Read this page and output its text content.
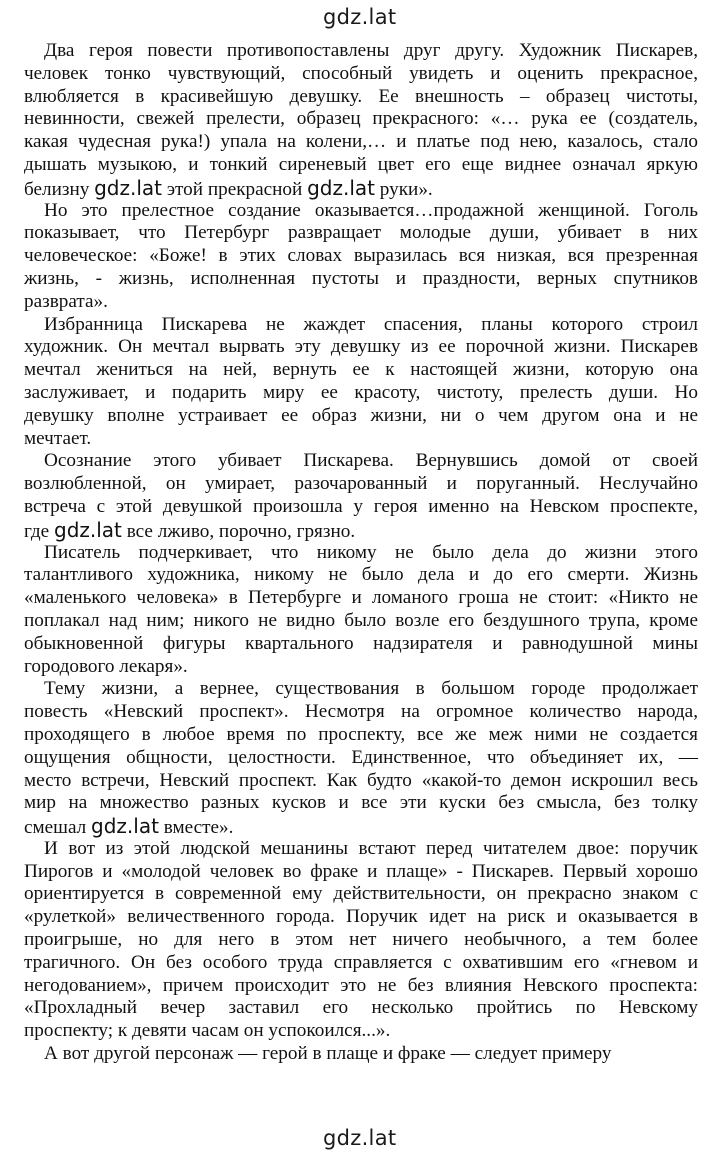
gdz.lat
Два героя повести противопоставлены друг другу. Художник Пискарев,
человек тонко чувствующий, способный увидеть и оценить прекрасное,
влюбляется в красивейшую девушку. Ее внешность – образец чистоты,
невинности, свежей прелести, образец прекрасного: «… рука ее (создатель,
какая чудесная рука!) упала на колени,… и платье под нею, казалось, стало
дышать музыкою, и тонкий сиреневый цвет его еще виднее означал яркую
белизну gdz.lat этой прекрасной gdz.lat руки».
Но это прелестное создание оказывается…продажной женщиной. Гоголь
показывает, что Петербург развращает молодые души, убивает в них
человеческое: «Боже! в этих словах выразилась вся низкая, вся презренная
жизнь, - жизнь, исполненная пустоты и праздности, верных спутников
разврата».
Избранница Пискарева не жаждет спасения, планы которого строил
художник. Он мечтал вырвать эту девушку из ее порочной жизни. Пискарев
мечтал жениться на ней, вернуть ее к настоящей жизни, которую она
заслуживает, и подарить миру ее красоту, чистоту, прелесть души. Но
девушку вполне устраивает ее образ жизни, ни о чем другом она и не
мечтает.
Осознание этого убивает Пискарева. Вернувшись домой от своей
возлюбленной, он умирает, разочарованный и поруганный. Неслучайно
встреча с этой девушкой произошла у героя именно на Невском проспекте,
где gdz.lat все лживо, порочно, грязно.
Писатель подчеркивает, что никому не было дела до жизни этого
талантливого художника, никому не было дела и до его смерти. Жизнь
«маленького человека» в Петербурге и ломаного гроша не стоит: «Никто не
поплакал над ним; никого не видно было возле его бездушного трупа, кроме
обыкновенной фигуры квартального надзирателя и равнодушной мины
городового лекаря».
Тему жизни, а вернее, существования в большом городе продолжает
повесть «Невский проспект». Несмотря на огромное количество народа,
проходящего в любое время по проспекту, все же меж ними не создается
ощущения общности, целостности. Единственное, что объединяет их, —
место встречи, Невский проспект. Как будто «какой-то демон искрошил весь
мир на множество разных кусков и все эти куски без смысла, без толку
смешал gdz.lat вместе».
И вот из этой людской мешанины встают перед читателем двое: поручик
Пирогов и «молодой человек во фраке и плаще» - Пискарев. Первый хорошо
ориентируется в современной ему действительности, он прекрасно знаком с
«рулеткой» величественного города. Поручик идет на риск и оказывается в
проигрыше, но для него в этом нет ничего необычного, а тем более
трагичного. Он без особого труда справляется с охватившим его «гневом и
негодованием», причем происходит это не без влияния Невского проспекта:
«Прохладный вечер заставил его несколько пройтись по Невскому
проспекту; к девяти часам он успокоился...».
А вот другой персонаж — герой в плаще и фраке — следует примеру
gdz.lat
